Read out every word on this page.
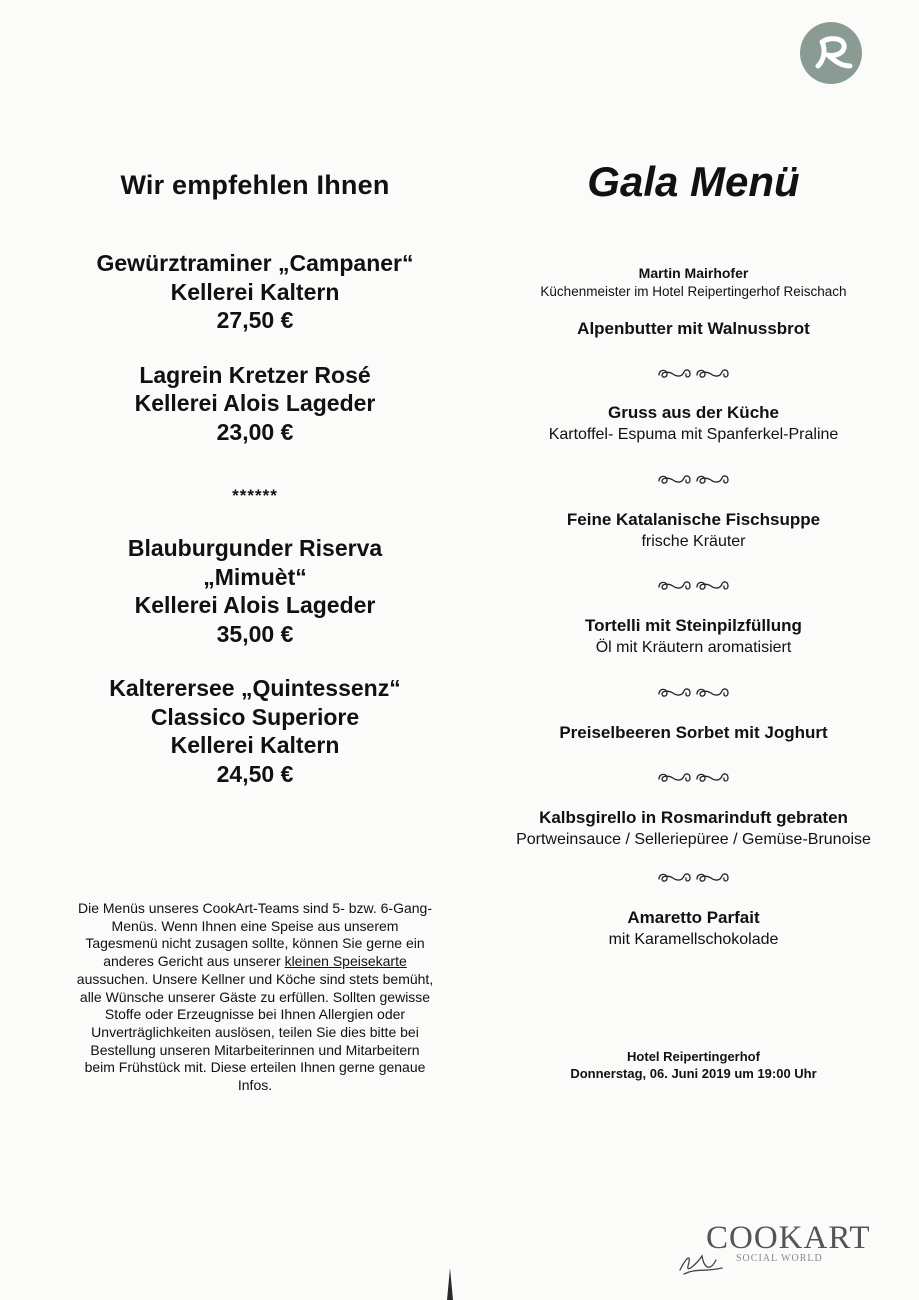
Wir empfehlen Ihnen
Gewürztraminer „Campaner“
Kellerei Kaltern
27,50 €
Lagrein Kretzer Rosé
Kellerei Alois Lageder
23,00 €
******
Blauburgunder Riserva
„Mimuèt“
Kellerei Alois Lageder
35,00 €
Kalterersee „Quintessenz“
Classico Superiore
Kellerei Kaltern
24,50 €
Die Menüs unseres CookArt-Teams sind 5- bzw. 6-Gang-Menüs. Wenn Ihnen eine Speise aus unserem Tagesmenü nicht zusagen sollte, können Sie gerne ein anderes Gericht aus unserer kleinen Speisekarte aussuchen. Unsere Kellner und Köche sind stets bemüht, alle Wünsche unserer Gäste zu erfüllen. Sollten gewisse Stoffe oder Erzeugnisse bei Ihnen Allergien oder Unverträglichkeiten auslösen, teilen Sie dies bitte bei Bestellung unseren Mitarbeiterinnen und Mitarbeitern beim Frühstück mit. Diese erteilen Ihnen gerne genaue Infos.
Gala Menü
Martin Mairhofer
Küchenmeister im Hotel Reipertingerhof Reischach
Alpenbutter mit Walnussbrot
Gruss aus der Küche
Kartoffel- Espuma mit Spanferkel-Praline
Feine Katalanische Fischsuppe
frische Kräuter
Tortelli mit Steinpilzfüllung
Öl mit Kräutern aromatisiert
Preiselbeeren Sorbet mit Joghurt
Kalbsgirello in Rosmarinduft gebraten
Portweinsauce / Selleriepüree / Gemüse-Brunoise
Amaretto Parfait
mit Karamellschokolade
Hotel Reipertingerhof
Donnerstag, 06. Juni 2019 um 19:00 Uhr
COOKART
SOCIAL WORLD
